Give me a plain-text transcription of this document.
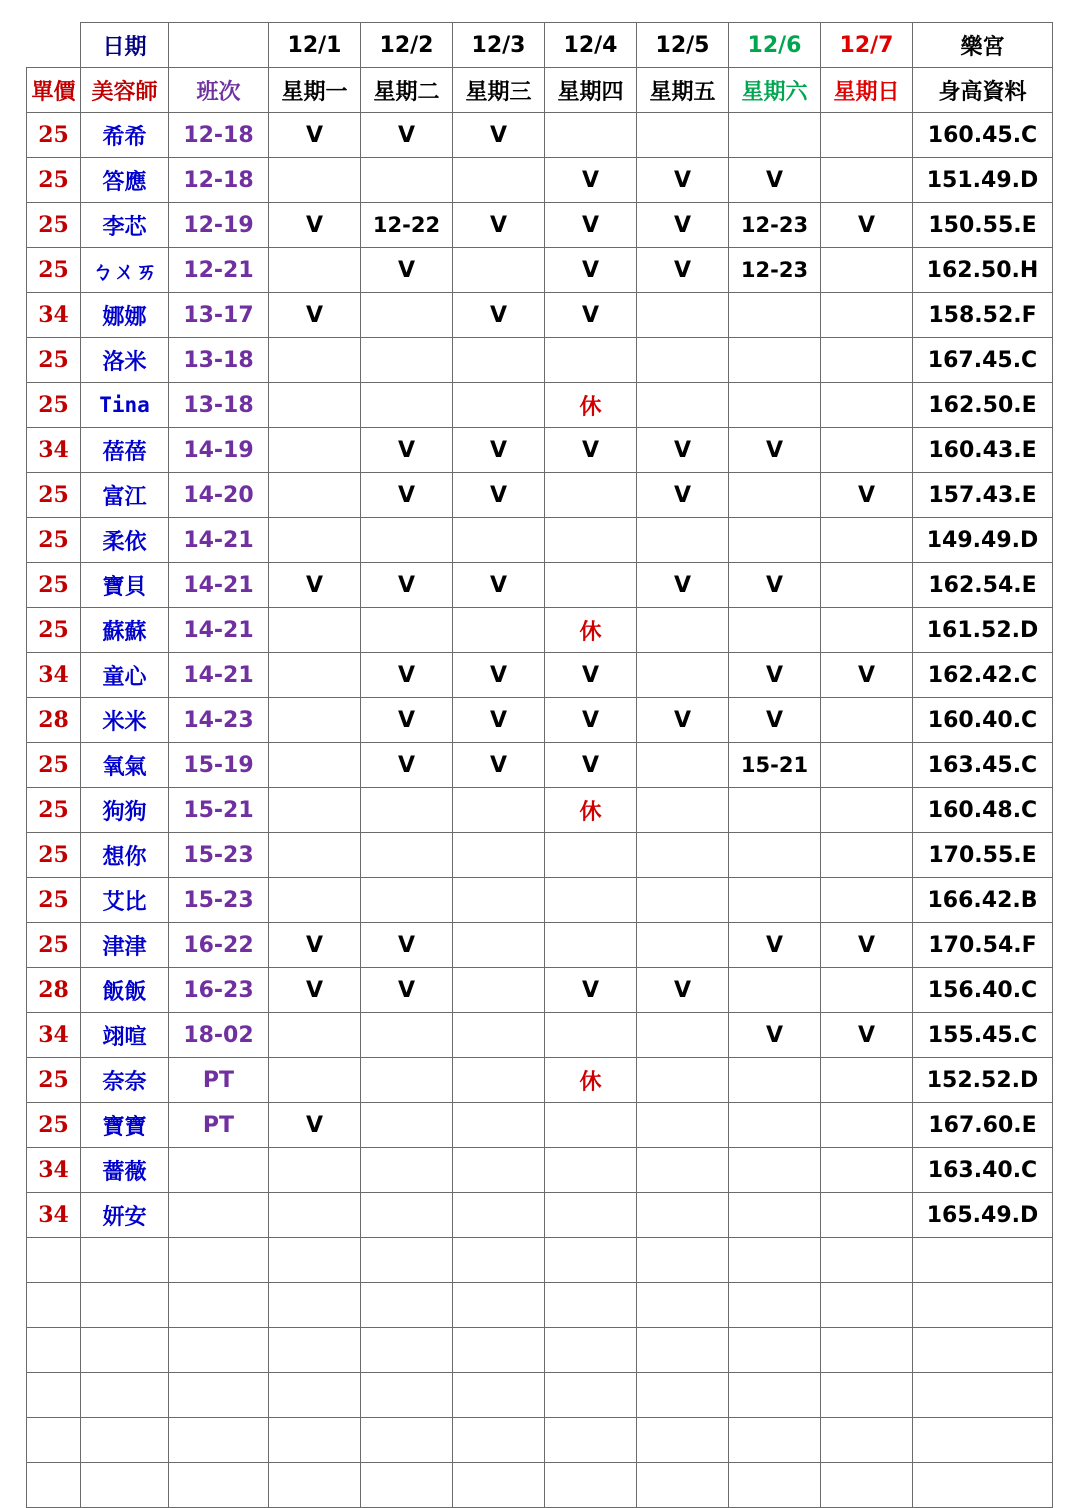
	日期		12/1	12/2	12/3	12/4	12/5	12/6	12/7	樂宮
單價	美容師	班次	星期一	星期二	星期三	星期四	星期五	星期六	星期日	身高資料
25	希希	12-18	V	V	V					160.45.C
25	答應	12-18				V	V	V		151.49.D
25	李芯	12-19	V	12-22	V	V	V	12-23	V	150.55.E
25	ㄅㄨㄞ	12-21		V		V	V	12-23		162.50.H
34	娜娜	13-17	V		V	V				158.52.F
25	洛米	13-18								167.45.C
25	Tina	13-18				休				162.50.E
34	蓓蓓	14-19		V	V	V	V	V		160.43.E
25	富江	14-20		V	V		V		V	157.43.E
25	柔依	14-21								149.49.D
25	寶貝	14-21	V	V	V		V	V		162.54.E
25	蘇蘇	14-21				休				161.52.D
34	童心	14-21		V	V	V		V	V	162.42.C
28	米米	14-23		V	V	V	V	V		160.40.C
25	氧氣	15-19		V	V	V		15-21		163.45.C
25	狗狗	15-21				休				160.48.C
25	想你	15-23								170.55.E
25	艾比	15-23								166.42.B
25	津津	16-22	V	V				V	V	170.54.F
28	飯飯	16-23	V	V		V	V			156.40.C
34	翊喧	18-02						V	V	155.45.C
25	奈奈	PT				休				152.52.D
25	寶寶	PT	V							167.60.E
34	薔薇									163.40.C
34	妍安									165.49.D
